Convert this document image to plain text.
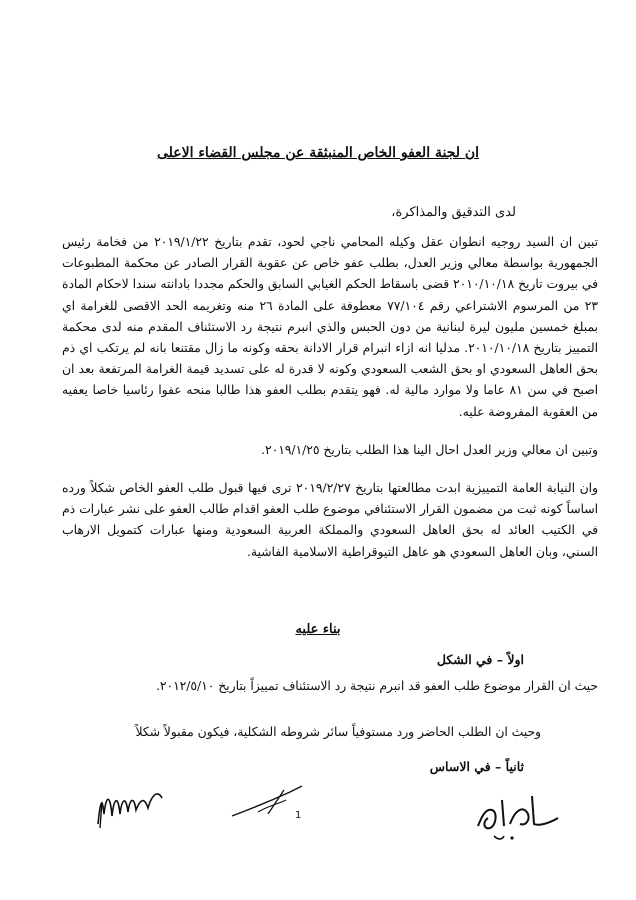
ان لجنة العفو الخاص المنبثقة عن مجلس القضاء الاعلى
لدى التدقيق والمذاكرة،
تبين ان السيد روجيه انطوان عقل وكيله المحامي ناجي لحود، تقدم بتاريخ ٢٠١٩/١/٢٢ من فخامة رئيس الجمهورية بواسطة معالي وزير العدل، بطلب عفو خاص عن عقوبة القرار الصادر عن محكمة المطبوعات في بيروت تاريخ ٢٠١٠/١٠/١٨ قضى باسقاط الحكم الغيابي السابق والحكم مجددا بادانته سندا لاحكام المادة ٢٣ من المرسوم الاشتراعي رقم ٧٧/١٠٤ معطوفة على المادة ٢٦ منه وتغريمه الحد الاقصى للغرامة اي بمبلغ خمسين مليون ليرة لبنانية من دون الحبس والذي انبرم نتيجة رد الاستئناف المقدم منه لدى محكمة التمييز بتاريخ ٢٠١٠/١٠/١٨. مدليا انه ازاء انبرام قرار الادانة بحقه وكونه ما زال مقتنعا بانه لم يرتكب اي ذم بحق العاهل السعودي او بحق الشعب السعودي وكونه لا قدرة له على تسديد قيمة الغرامة المرتفعة بعد ان اصبح في سن ٨١ عاما ولا موارد مالية له. فهو يتقدم بطلب العفو هذا طالبا منحه عفوا رئاسيا خاصا يعفيه من العقوبة المفروضة عليه.
وتبين ان معالي وزير العدل احال الينا هذا الطلب بتاريخ ٢٠١٩/١/٢٥.
وان النيابة العامة التمييزية ابدت مطالعتها بتاريخ ٢٠١٩/٢/٢٧ ترى فيها قبول طلب العفو الخاص شكلاً ورده اساساً كونه ثبت من مضمون القرار الاستئنافي موضوع طلب العفو اقدام طالب العفو على نشر عبارات ذم في الكتيب العائد له بحق العاهل السعودي والمملكة العربية السعودية ومنها عبارات كتمويل الارهاب السني، وبان العاهل السعودي هو عاهل التيوقراطية الاسلامية الفاشية.
بناء عليه
اولاً – في الشكل
حيث ان القرار موضوع طلب العفو قد انبرم نتيجة رد الاستئناف تمييزاً بتاريخ ٢٠١٢/٥/١٠.
وحيث ان الطلب الحاضر ورد مستوفياً سائر شروطه الشكلية، فيكون مقبولاً شكلاً
ثانياً – في الاساس
1
